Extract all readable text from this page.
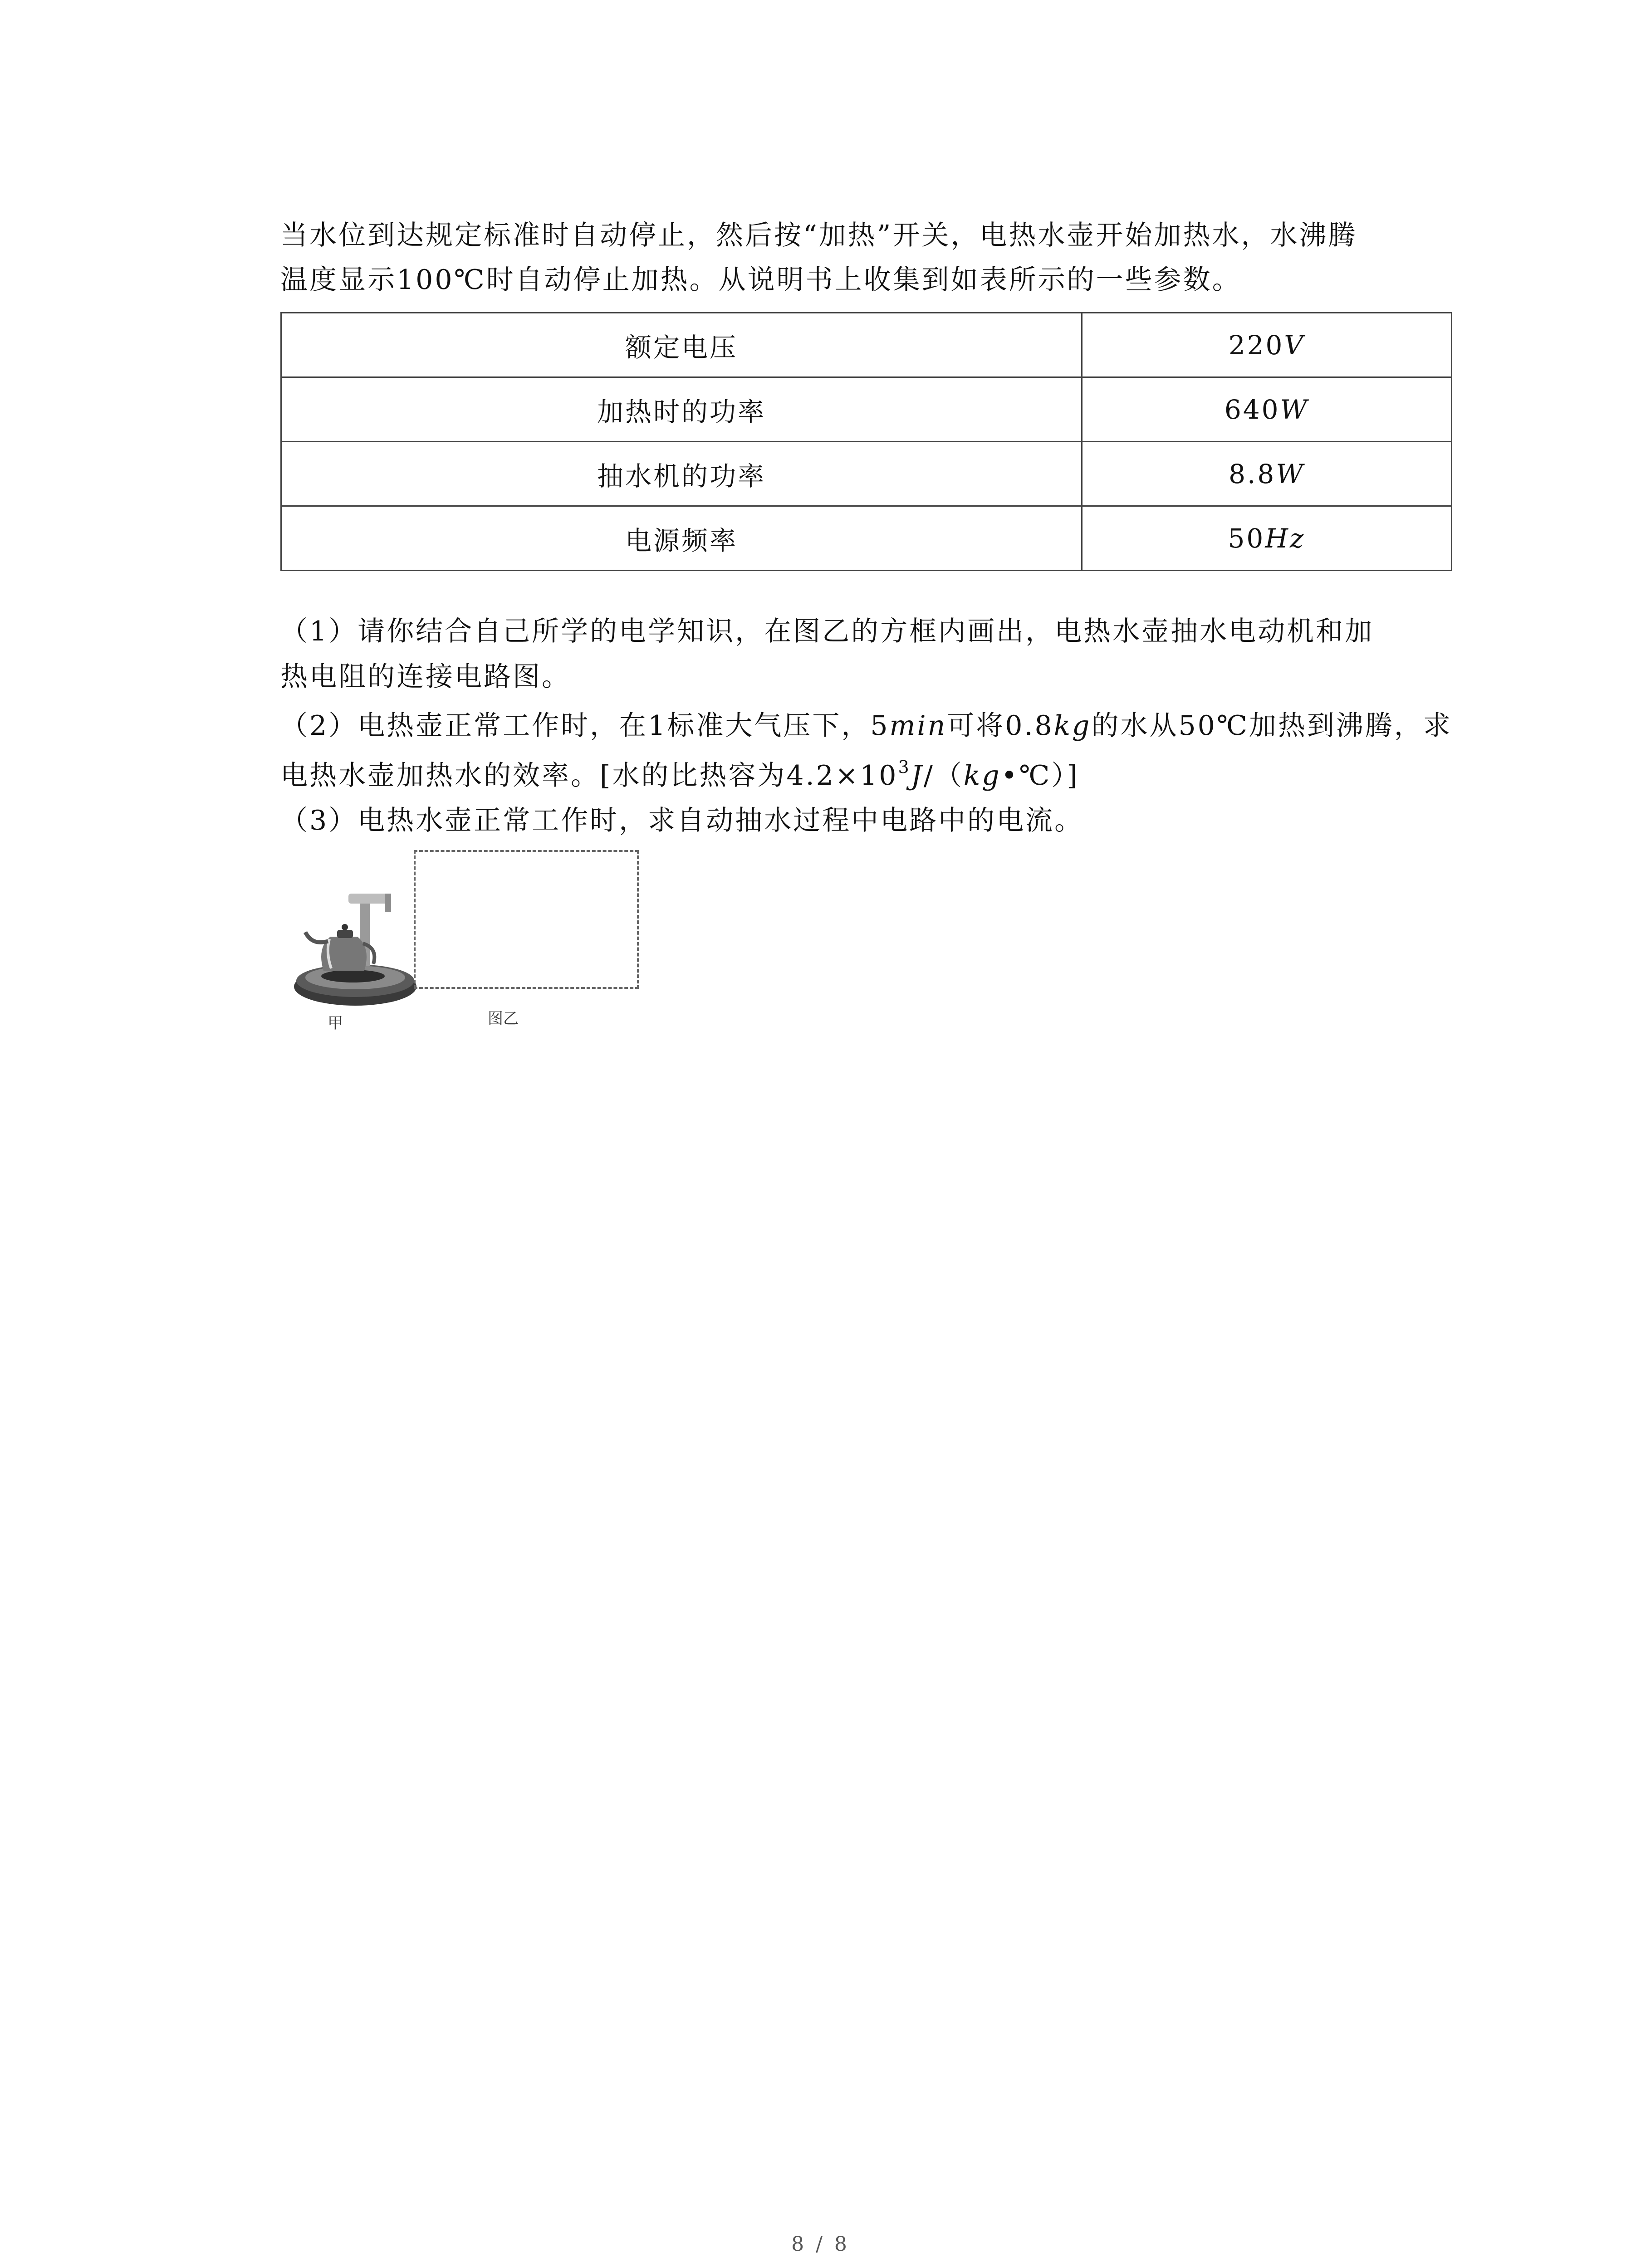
当水位到达规定标准时自动停止，然后按“加热”开关，电热水壶开始加热水，水沸腾
温度显示100℃时自动停止加热。从说明书上收集到如表所示的一些参数。
额定电压	220V
加热时的功率	640W
抽水机的功率	8.8W
电源频率	50Hz
（1）请你结合自己所学的电学知识，在图乙的方框内画出，电热水壶抽水电动机和加
热电阻的连接电路图。
（2）电热壶正常工作时，在1标准大气压下，5min可将0.8kg的水从50℃加热到沸腾，求
电热水壶加热水的效率。[水的比热容为$4.2\times 10^3J/(kg•℃)$]
（3）电热水壶正常工作时，求自动抽水过程中电路中的电流。
甲	图乙
8 / 8
